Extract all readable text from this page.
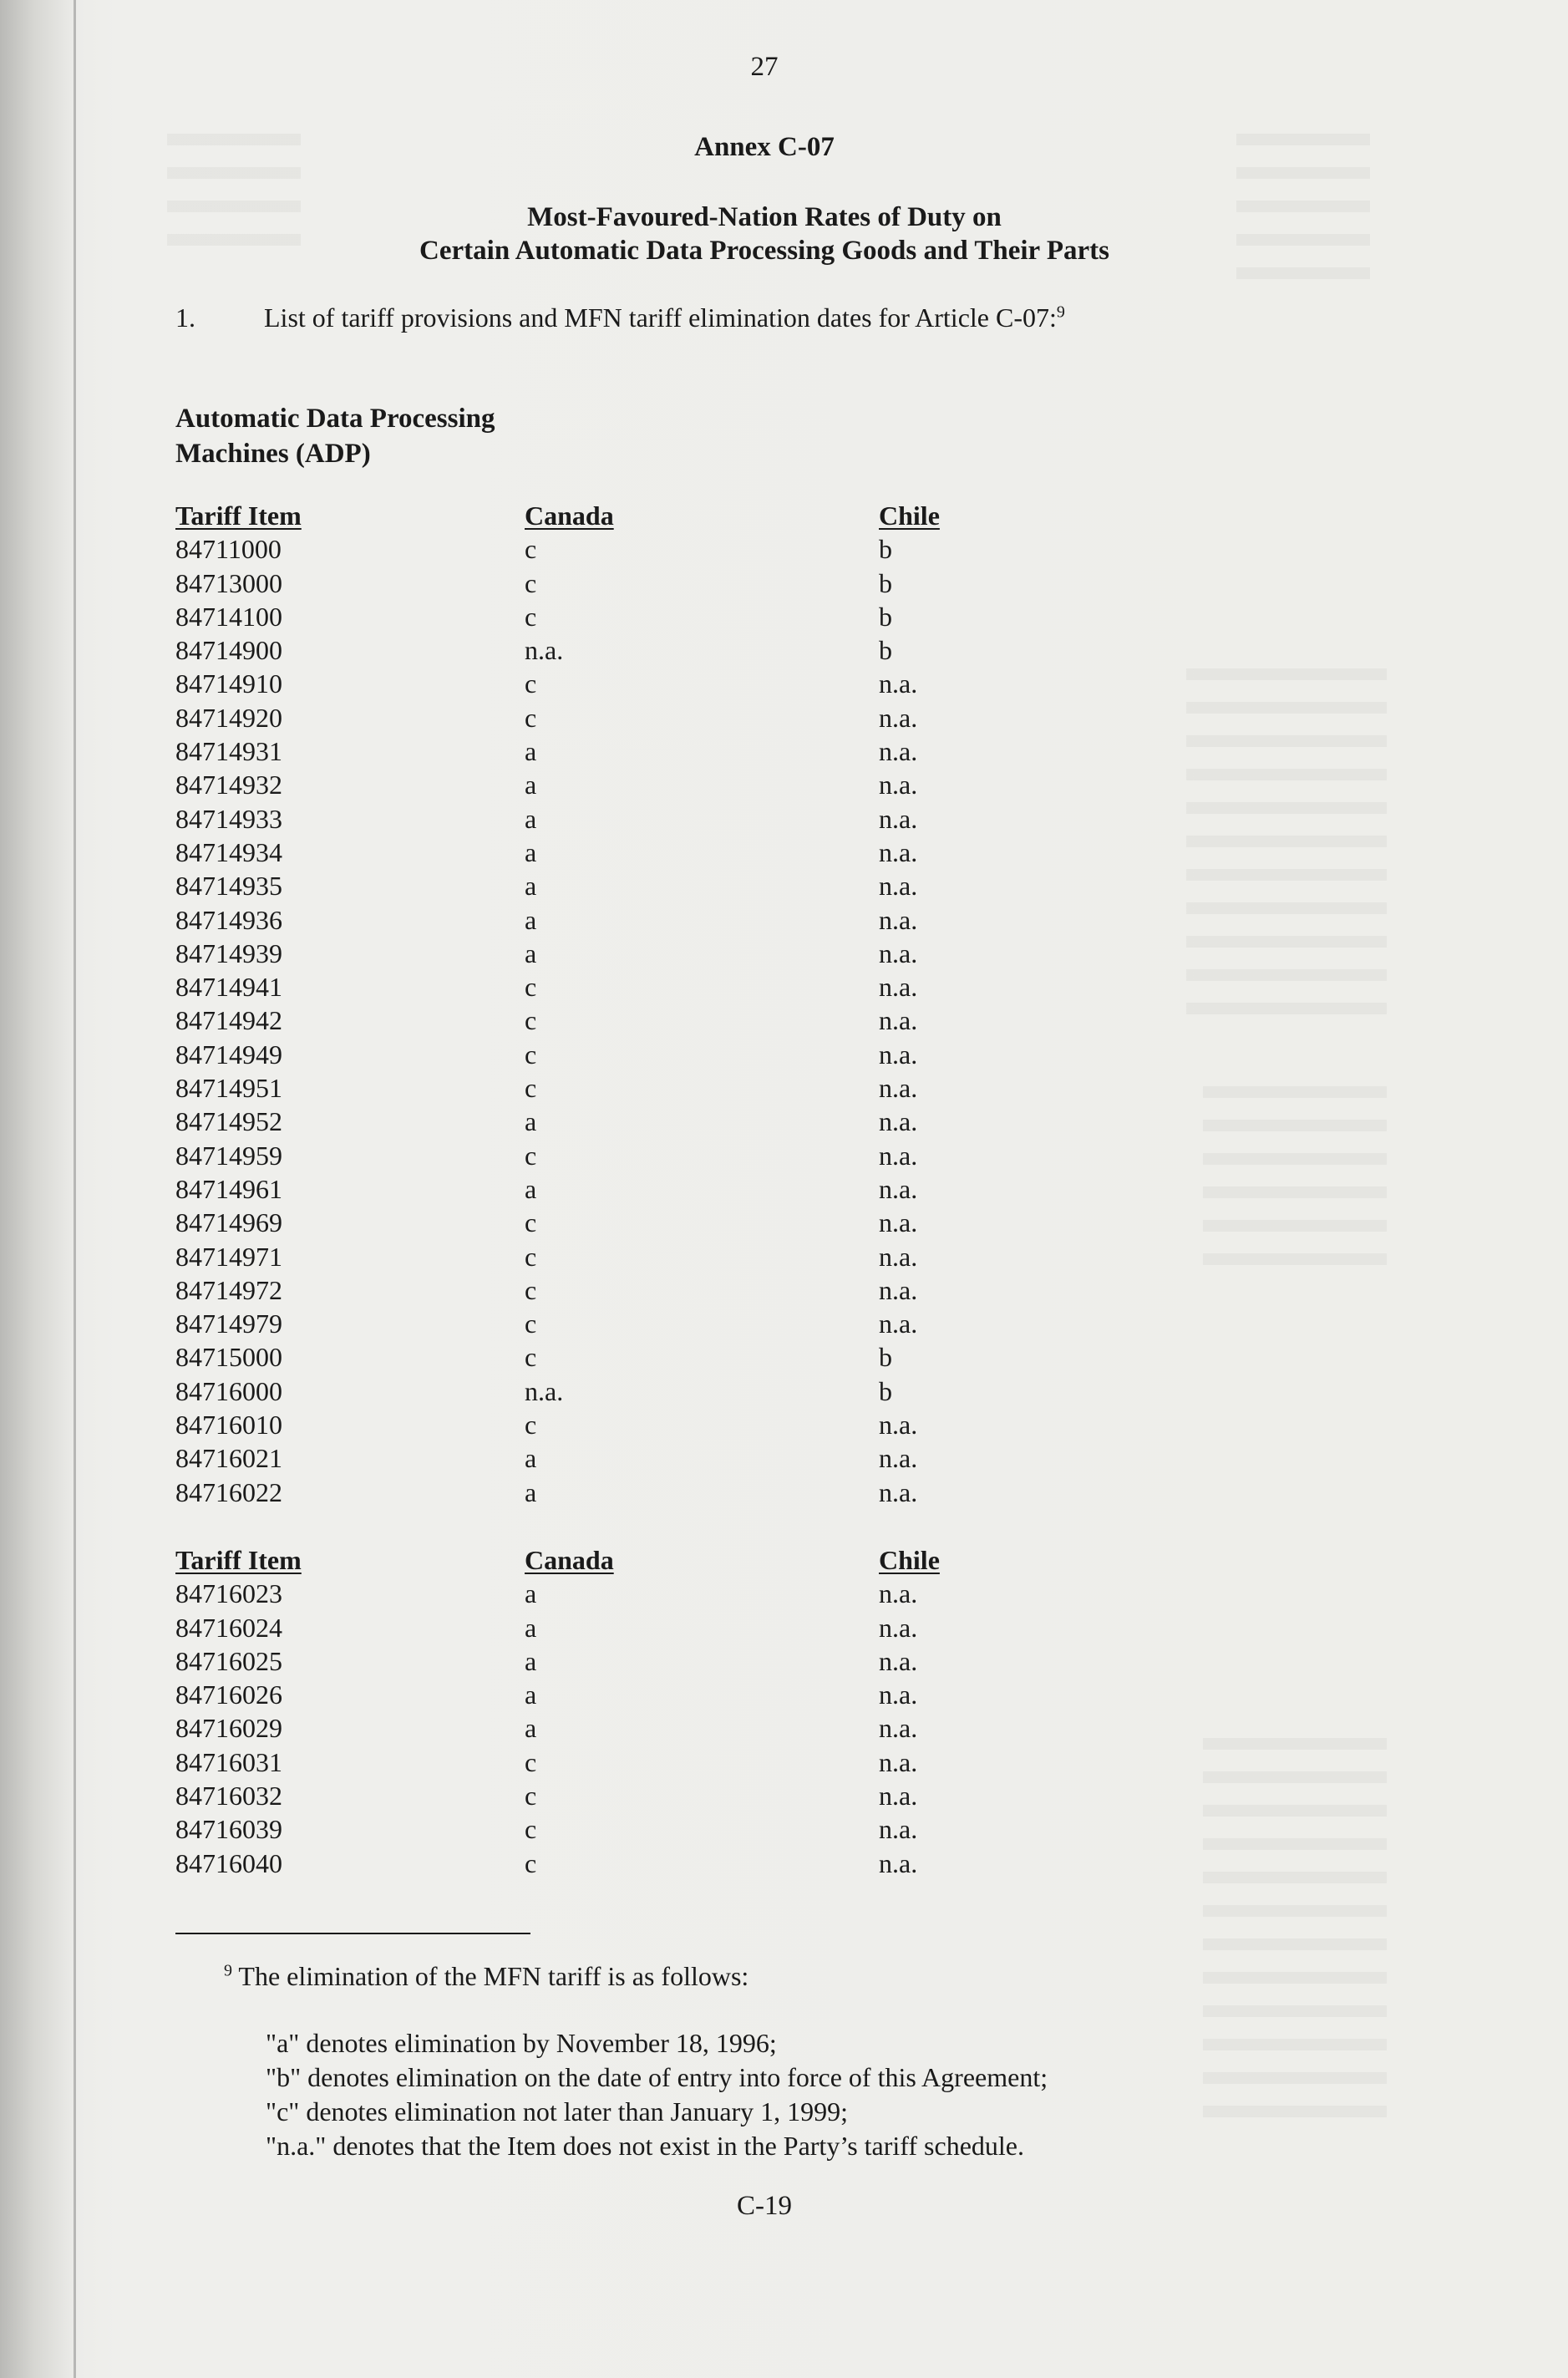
27
Annex C-07
Most-Favoured-Nation Rates of Duty on
Certain Automatic Data Processing Goods and Their Parts
1.	List of tariff provisions and MFN tariff elimination dates for Article C-07:$^9$
Automatic Data Processing
Machines (ADP)
Tariff Item	Canada	Chile
84711000	c	b
84713000	c	b
84714100	c	b
84714900	n.a.	b
84714910	c	n.a.
84714920	c	n.a.
84714931	a	n.a.
84714932	a	n.a.
84714933	a	n.a.
84714934	a	n.a.
84714935	a	n.a.
84714936	a	n.a.
84714939	a	n.a.
84714941	c	n.a.
84714942	c	n.a.
84714949	c	n.a.
84714951	c	n.a.
84714952	a	n.a.
84714959	c	n.a.
84714961	a	n.a.
84714969	c	n.a.
84714971	c	n.a.
84714972	c	n.a.
84714979	c	n.a.
84715000	c	b
84716000	n.a.	b
84716010	c	n.a.
84716021	a	n.a.
84716022	a	n.a.
Tariff Item	Canada	Chile
84716023	a	n.a.
84716024	a	n.a.
84716025	a	n.a.
84716026	a	n.a.
84716029	a	n.a.
84716031	c	n.a.
84716032	c	n.a.
84716039	c	n.a.
84716040	c	n.a.
$^9$ The elimination of the MFN tariff is as follows:
"a" denotes elimination by November 18, 1996;
"b" denotes elimination on the date of entry into force of this Agreement;
"c" denotes elimination not later than January 1, 1999;
"n.a." denotes that the Item does not exist in the Party’s tariff schedule.
C-19
